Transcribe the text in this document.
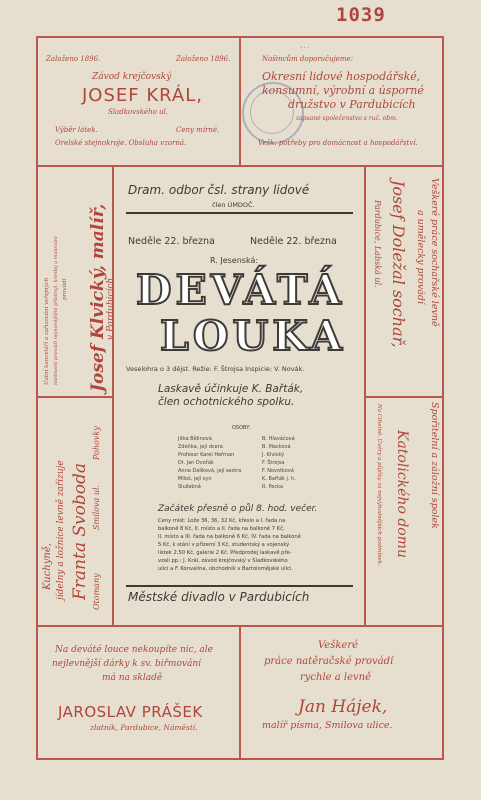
1039
…
Založeno 1896.	Založeno 1896.
Závod krejčovský
JOSEF KRÁL,
Sladkovského ul.
Výběr látek.	Ceny mírné.
Orelské stejnokroje. Obsluha vzorná.
Našincům doporučujeme:
Okresní lidové hospodářské,
konsumní, výrobní a úsporné
družstvo v Pardubicích
zapsané společenstvo s ruč. obm.
Vešk. potřeby pro domácnost a hospodářství.
Josef Klvický, malíř,
v Pardubicích
Úatní kanceláří a zařizování veřejných místností provádí nejnovějšími přístroji, kresby a malování provádí
Kuchyně, jídelny a ložnice levně zařizuje Franta Svoboda Otomany
Smilova ul.
Pohovky
Veškeré práce sochařské levně
a umělecky provádí
Josef Doležal sochař,
Pardubice, Labská ul.
Spořitelní a záložní spolek
Katolického domu
Na Cihelně. Úvěry a půjčky za nejvýhodnějších podmínek.
Dram. odbor čsl. strany lidové
člen ÚMDOČ.
Neděle 22. března	Neděle 22. března
R. Jesenská:
DEVÁTÁ
LOUKA
Veselohra o 3 dějst. Režie: F. Štrojsa Inspicie: V. Novák.
Laskavě účinkuje K. Bařták,
člen ochotnického spolku.
OSOBY:
Jitka Bělinová	B. Hlaváčová
Zdeňka, její dcera	B. Macková
Profesor Karel Heřman	J. Klvický
Dr. Jan Dvořák	F. Štrojsa
Anna Dalíková, její sestra	F. Novotková
Miloš, její syn	K. Bařták j. h.
Služebná	R. Pecka
Začátek přesně o půl 8. hod. večer.
Ceny míst: Lože 36, 36, 32 Kč, křeslo a I. řada na
balkoně 8 Kč, II. místo a II. řada na balkoně 7 Kč,
II. místo a III. řada na balkoně 6 Kč, IV. řada na balkoně
5 Kč, k stání v přízemí 3 Kč, studentský a vojenský
lístek 2.50 Kč, galerie 2 Kč. Předprodej laskavě pře-
vzali pp.: J. Král, závod krejčovský v Sladkovského
ulici a F. Konvalina, obchodník v Bartolomějské ulici.
Městské divadlo v Pardubicích
Na deváté louce nekoupíte nic, ale
nejlevnější dárky k sv. biřmování
má na skladě
JAROSLAV PRÁŠEK
zlatník, Pardubice, Náměstí.
Veškeré
práce natěračské provádí
rychle a levně
Jan Hájek,
malíř písma, Smilova ulice.
